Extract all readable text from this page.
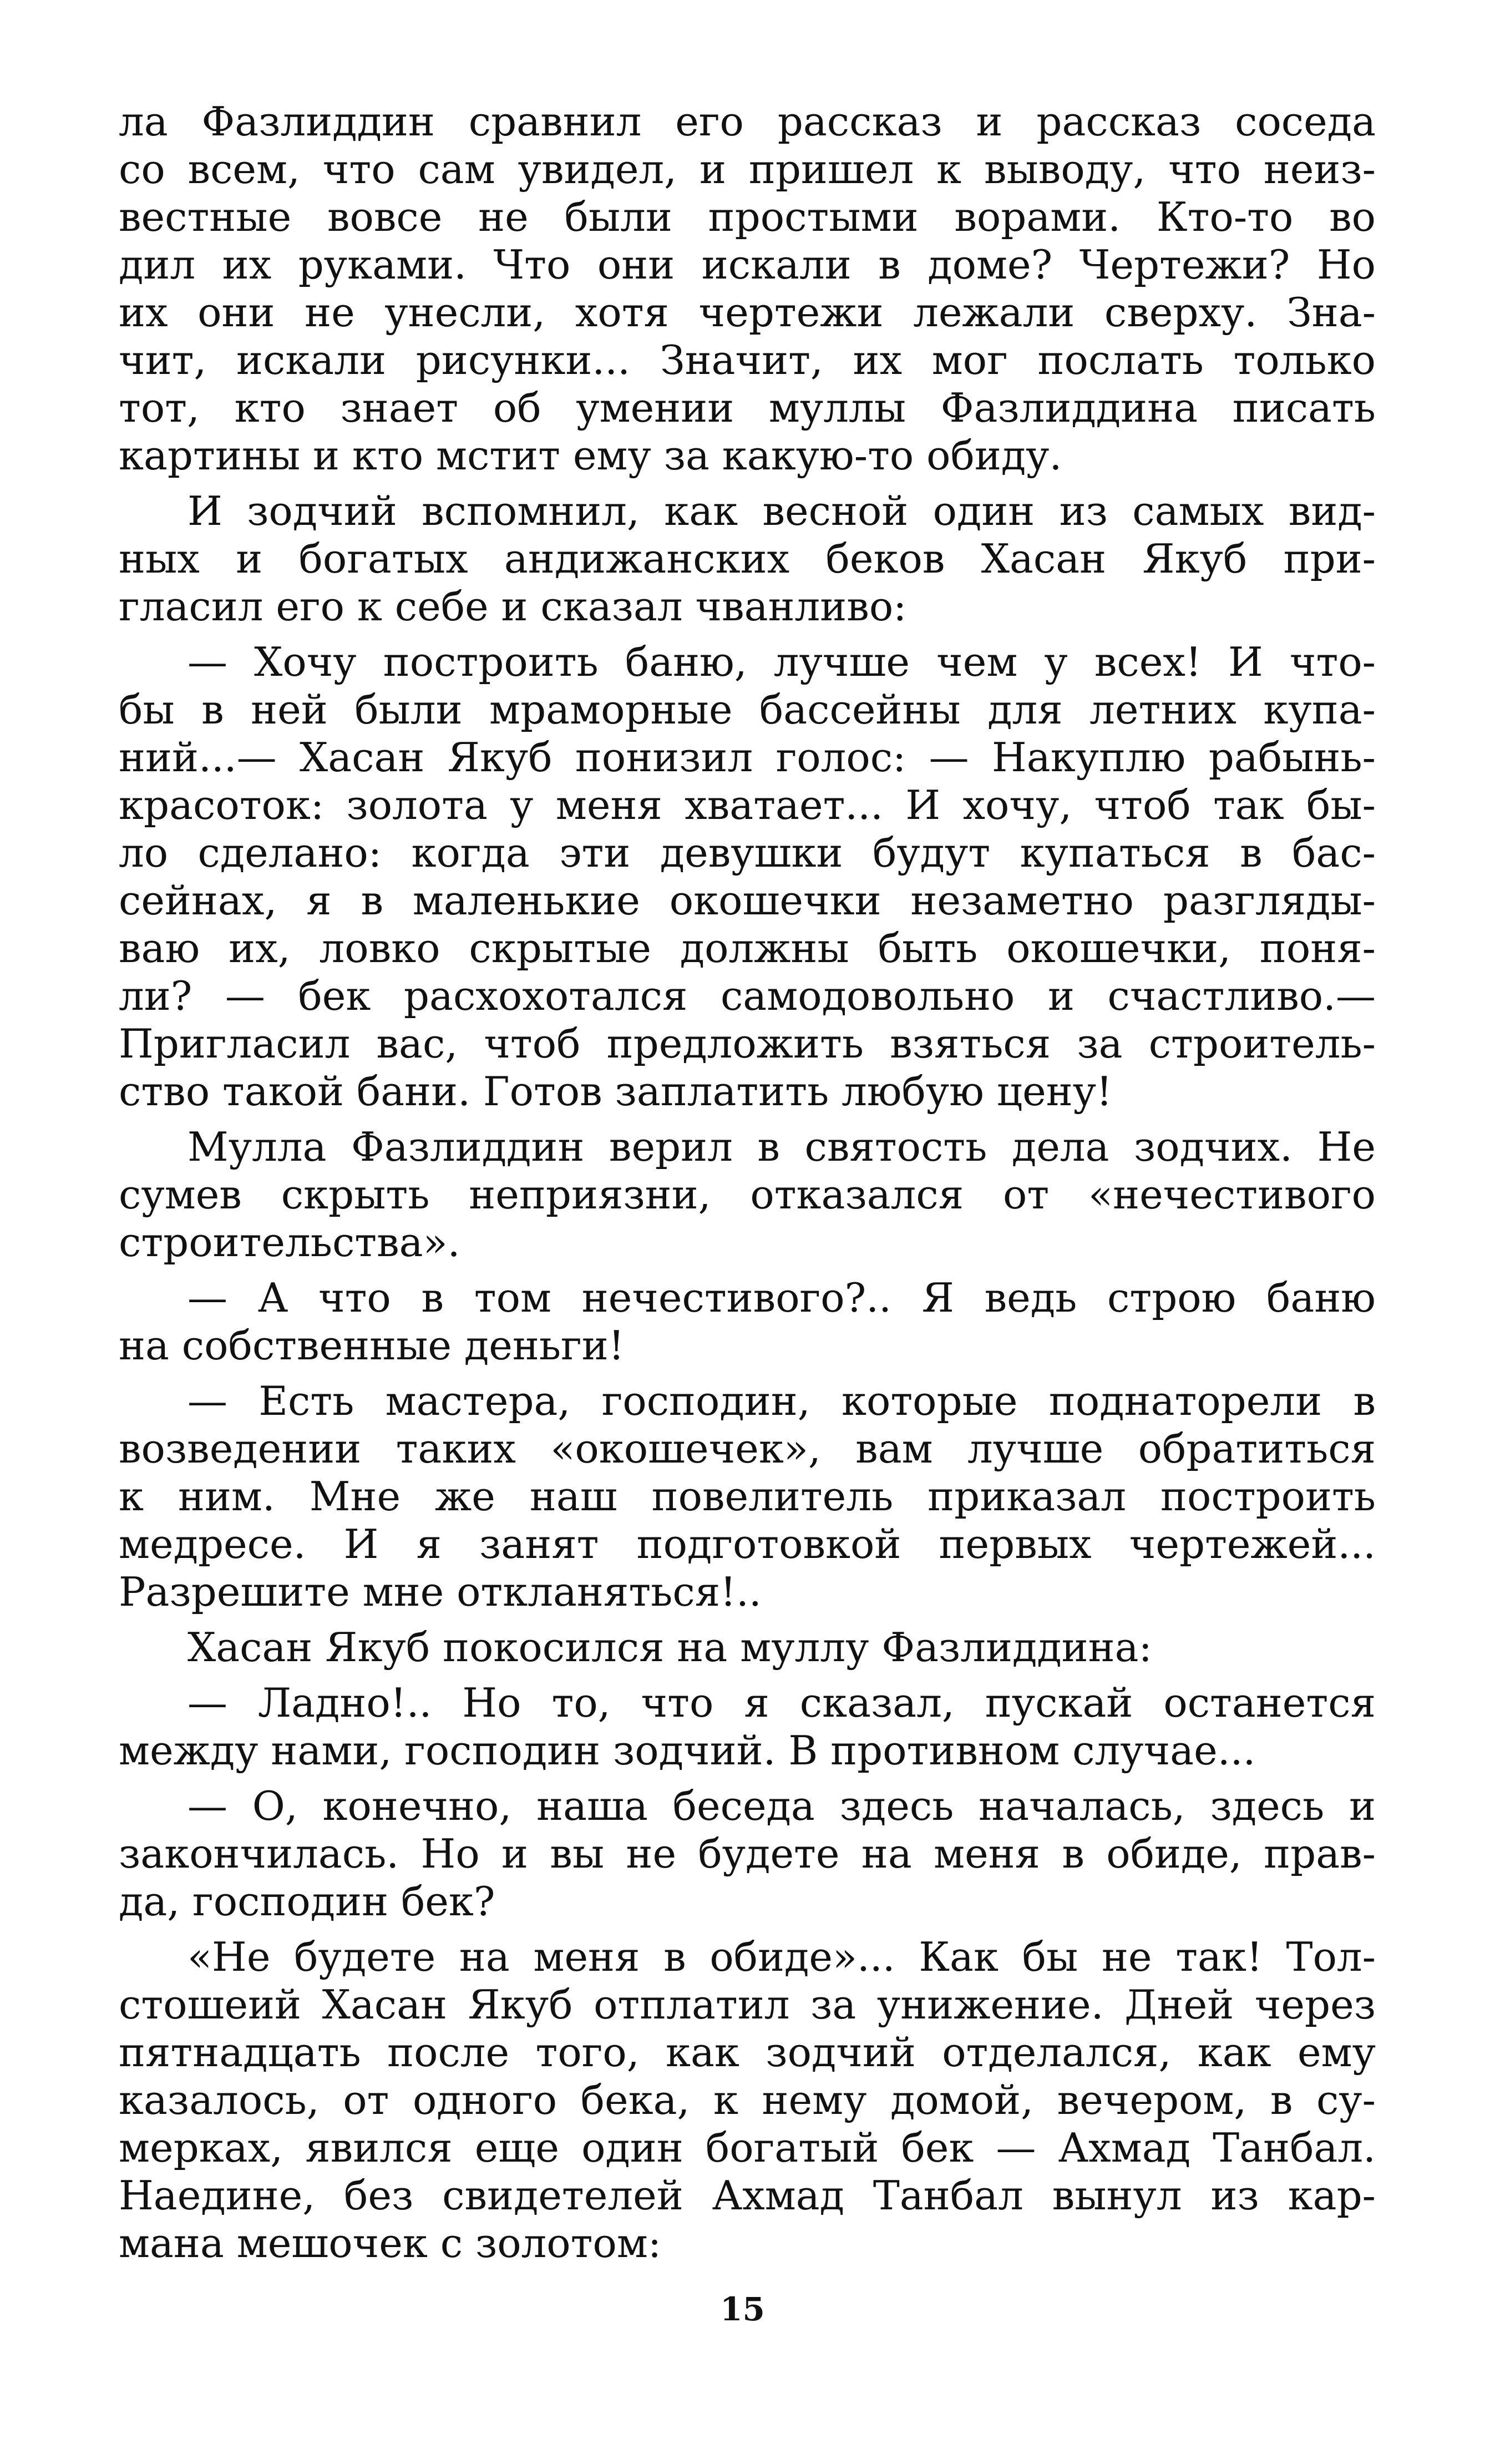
ла Фазлиддин сравнил его рассказ и рассказ соседа
со всем, что сам увидел, и пришел к выводу, что неиз-
вестные вовсе не были простыми ворами. Кто-то во
дил их руками. Что они искали в доме? Чертежи? Но
их они не унесли, хотя чертежи лежали сверху. Зна-
чит, искали рисунки... Значит, их мог послать только
тот, кто знает об умении муллы Фазлиддина писать
картины и кто мстит ему за какую-то обиду.
И зодчий вспомнил, как весной один из самых вид-
ных и богатых андижанских беков Хасан Якуб при-
гласил его к себе и сказал чванливо:
— Хочу построить баню, лучше чем у всех! И что-
бы в ней были мраморные бассейны для летних купа-
ний...— Хасан Якуб понизил голос: — Накуплю рабынь-
красоток: золота у меня хватает... И хочу, чтоб так бы-
ло сделано: когда эти девушки будут купаться в бас-
сейнах, я в маленькие окошечки незаметно разгляды-
ваю их, ловко скрытые должны быть окошечки, поня-
ли? — бек расхохотался самодовольно и счастливо.—
Пригласил вас, чтоб предложить взяться за строитель-
ство такой бани. Готов заплатить любую цену!
Мулла Фазлиддин верил в святость дела зодчих. Не
сумев скрыть неприязни, отказался от «нечестивого
строительства».
— А что в том нечестивого?.. Я ведь строю баню
на собственные деньги!
— Есть мастера, господин, которые поднаторели в
возведении таких «окошечек», вам лучше обратиться
к ним. Мне же наш повелитель приказал построить
медресе. И я занят подготовкой первых чертежей...
Разрешите мне откланяться!..
Хасан Якуб покосился на муллу Фазлиддина:
— Ладно!.. Но то, что я сказал, пускай останется
между нами, господин зодчий. В противном случае...
— О, конечно, наша беседа здесь началась, здесь и
закончилась. Но и вы не будете на меня в обиде, прав-
да, господин бек?
«Не будете на меня в обиде»... Как бы не так! Тол-
стошеий Хасан Якуб отплатил за унижение. Дней через
пятнадцать после того, как зодчий отделался, как ему
казалось, от одного бека, к нему домой, вечером, в су-
мерках, явился еще один богатый бек — Ахмад Танбал.
Наедине, без свидетелей Ахмад Танбал вынул из кар-
мана мешочек с золотом:
15
